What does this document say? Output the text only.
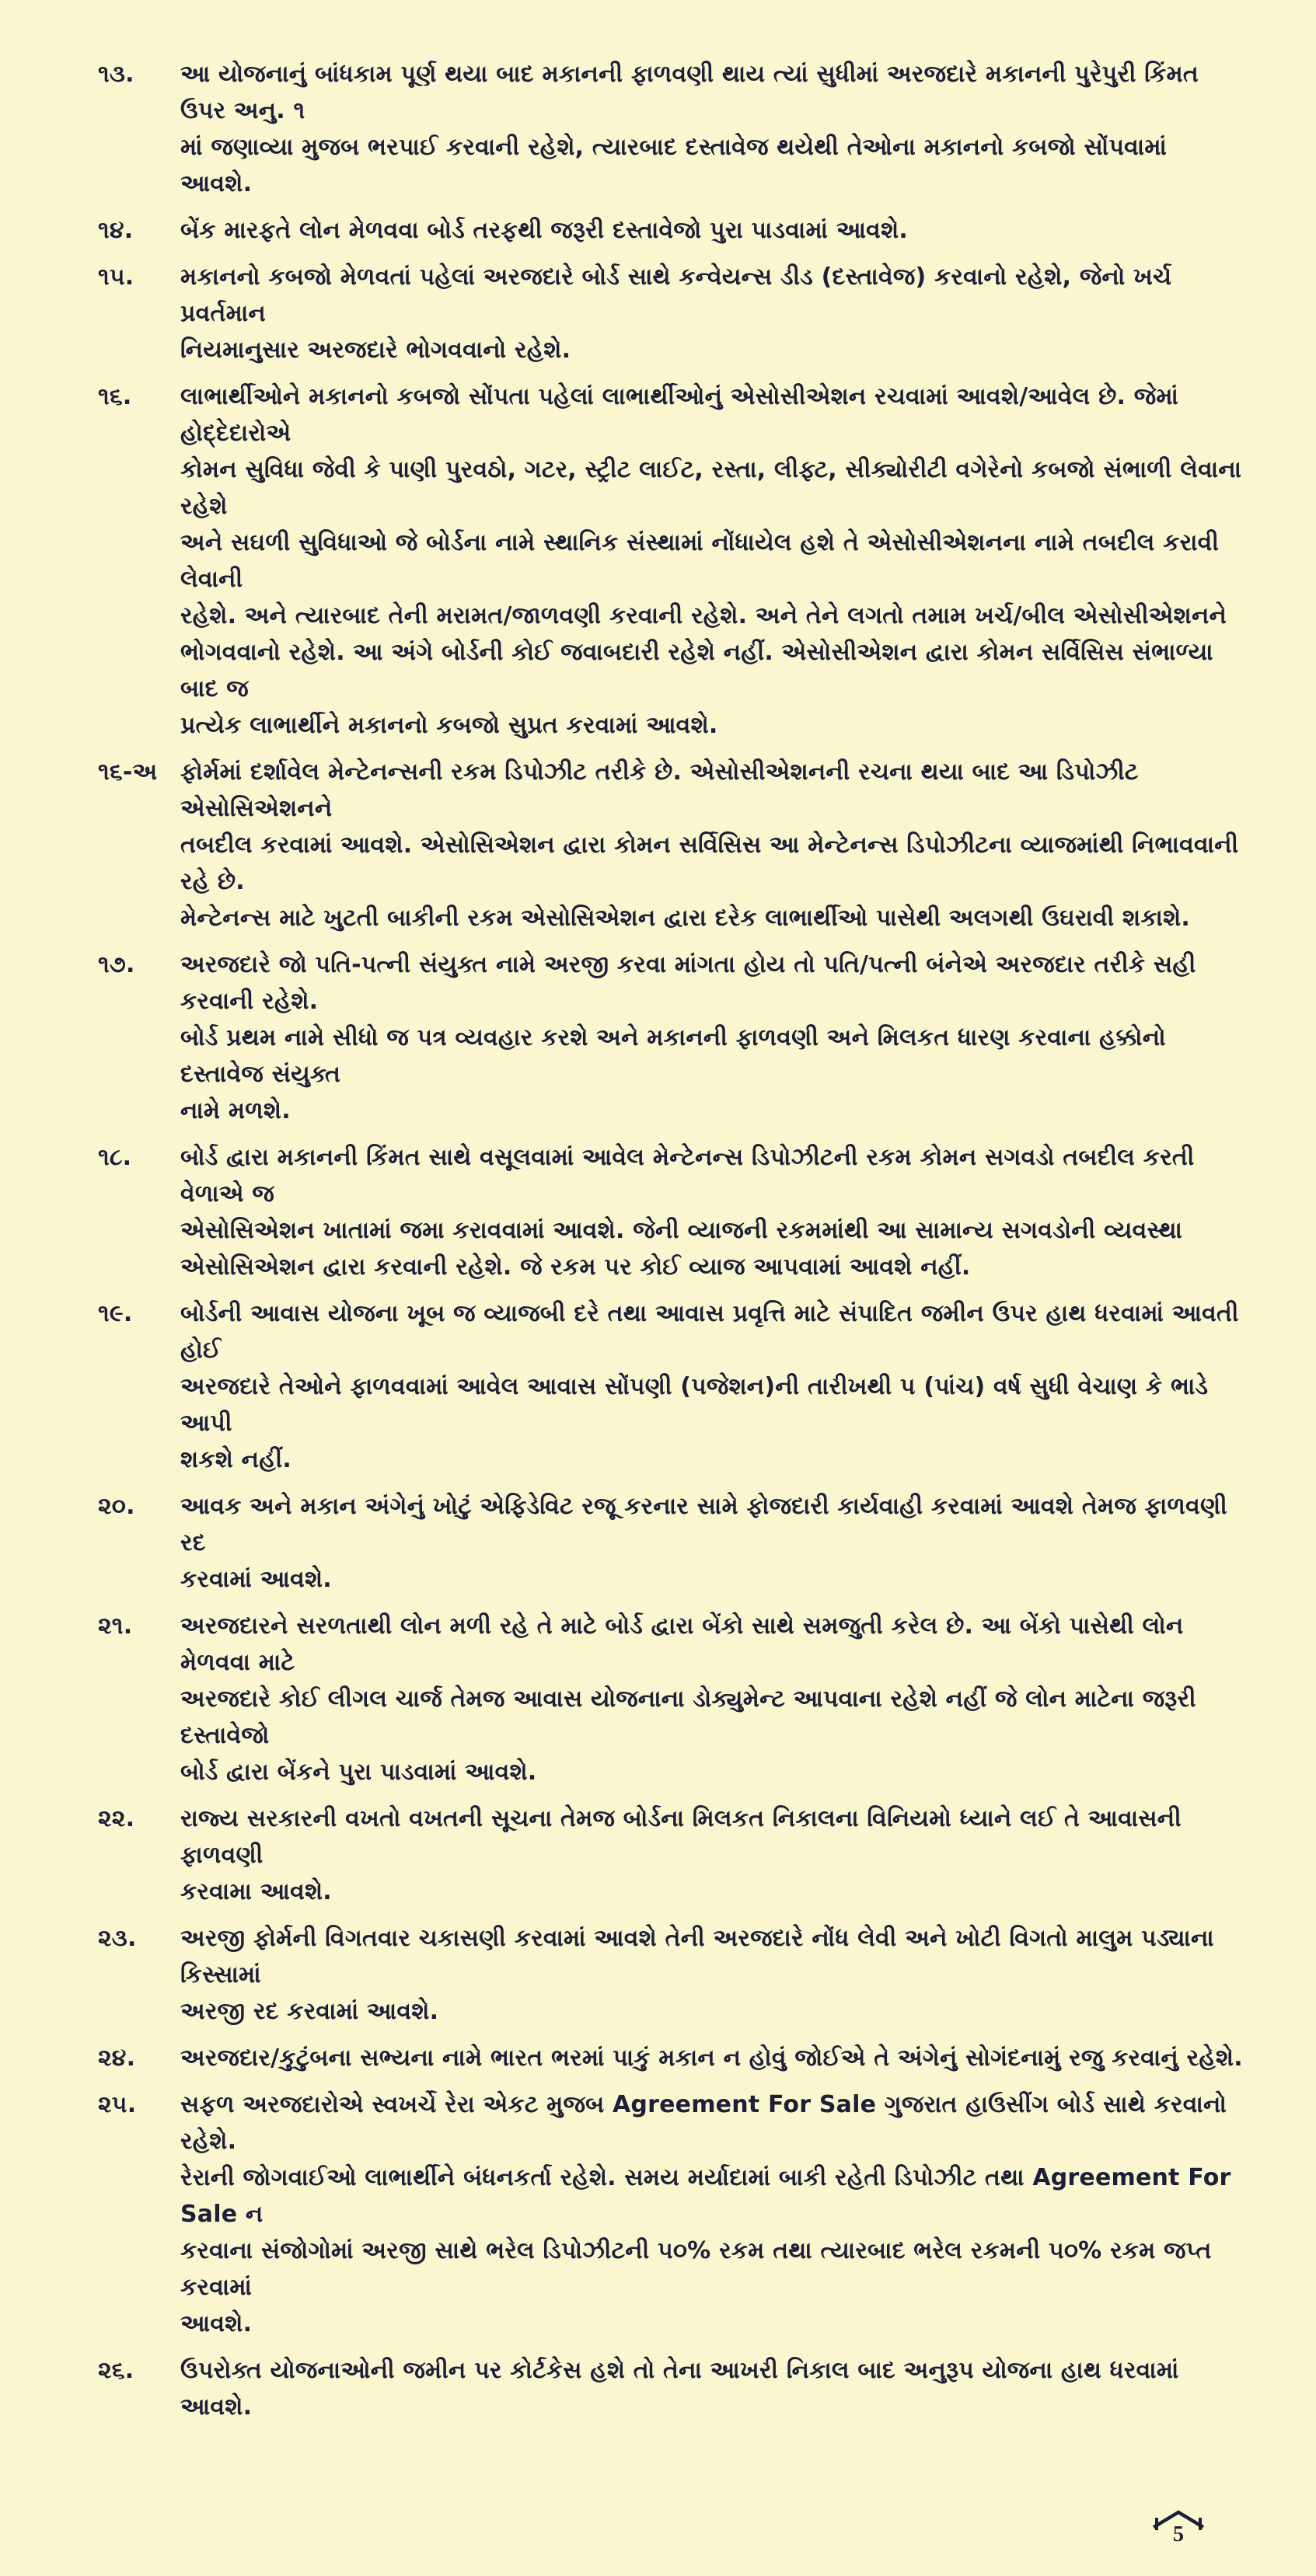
૧૩.	આ યોજનાનું બાંધકામ પૂર્ણ થયા બાદ મકાનની ફાળવણી થાય ત્યાં સુધીમાં અરજદારે મકાનની પુરેપુરી કિંમત ઉપર અનુ. ૧
માં જણાવ્યા મુજબ ભરપાઈ કરવાની રહેશે, ત્યારબાદ દસ્તાવેજ થયેથી તેઓના મકાનનો કબજો સોંપવામાં આવશે.
૧૪.	બેંક મારફતે લોન મેળવવા બોર્ડ તરફથી જરૂરી દસ્તાવેજો પુરા પાડવામાં આવશે.
૧૫.	મકાનનો કબજો મેળવતાં પહેલાં અરજદારે બોર્ડ સાથે કન્વેયન્સ ડીડ (દસ્તાવેજ) કરવાનો રહેશે, જેનો ખર્ચ પ્રવર્તમાન
નિયમાનુસાર અરજદારે ભોગવવાનો રહેશે.
૧૬.	લાભાર્થીઓને મકાનનો કબજો સોંપતા પહેલાં લાભાર્થીઓનું એસોસીએશન રચવામાં આવશે/આવેલ છે. જેમાં હોદ્દેદારોએ
કોમન સુવિધા જેવી કે પાણી પુરવઠો, ગટર, સ્ટ્રીટ લાઈટ, રસ્તા, લીફ્ટ, સીક્યોરીટી વગેરેનો કબજો સંભાળી લેવાના રહેશે
અને સઘળી સુવિધાઓ જે બોર્ડના નામે સ્થાનિક સંસ્થામાં નોંધાયેલ હશે તે એસોસીએશનના નામે તબદીલ કરાવી લેવાની
રહેશે. અને ત્યારબાદ તેની મરામત/જાળવણી કરવાની રહેશે. અને તેને લગતો તમામ ખર્ચ/બીલ એસોસીએશનને
ભોગવવાનો રહેશે. આ અંગે બોર્ડની કોઈ જવાબદારી રહેશે નહીં. એસોસીએશન દ્વારા કોમન સર્વિસિસ સંભાળ્યા બાદ જ
પ્રત્યેક લાભાર્થીને મકાનનો કબજો સુપ્રત કરવામાં આવશે.
૧૬-અ ફોર્મમાં દર્શાવેલ મેન્ટેનન્સની રકમ ડિપોઝીટ તરીકે છે. એસોસીએશનની રચના થયા બાદ આ ડિપોઝીટ એસોસિએશનને
તબદીલ કરવામાં આવશે. એસોસિએશન દ્વારા કોમન સર્વિસિસ આ મેન્ટેનન્સ ડિપોઝીટના વ્યાજમાંથી નિભાવવાની રહે છે.
મેન્ટેનન્સ માટે ખુટતી બાકીની રકમ એસોસિએશન દ્વારા દરેક લાભાર્થીઓ પાસેથી અલગથી ઉઘરાવી શકાશે.
૧૭.	અરજદારે જો પતિ-પત્ની સંયુક્ત નામે અરજી કરવા માંગતા હોય તો પતિ/પત્ની બંનેએ અરજદાર તરીકે સહી કરવાની રહેશે.
બોર્ડ પ્રથમ નામે સીધો જ પત્ર વ્યવહાર કરશે અને મકાનની ફાળવણી અને મિલકત ધારણ કરવાના હક્કોનો દસ્તાવેજ સંયુક્ત
નામે મળશે.
૧૮.	બોર્ડ દ્વારા મકાનની કિંમત સાથે વસૂલવામાં આવેલ મેન્ટેનન્સ ડિપોઝીટની રકમ કોમન સગવડો તબદીલ કરતી વેળાએ જ
એસોસિએશન ખાતામાં જમા કરાવવામાં આવશે. જેની વ્યાજની રકમમાંથી આ સામાન્ય સગવડોની વ્યવસ્થા
એસોસિએશન દ્વારા કરવાની રહેશે. જે રકમ પર કોઈ વ્યાજ આપવામાં આવશે નહીં.
૧૯.	બોર્ડની આવાસ યોજના ખૂબ જ વ્યાજબી દરે તથા આવાસ પ્રવૃત્તિ માટે સંપાદિત જમીન ઉપર હાથ ધરવામાં આવતી હોઈ
અરજદારે તેઓને ફાળવવામાં આવેલ આવાસ સોંપણી (પજેશન)ની તારીખથી પ (પાંચ) વર્ષ સુધી વેચાણ કે ભાડે આપી
શકશે નહીં.
૨૦.	આવક અને મકાન અંગેનું ખોટું એફિડેવિટ રજૂ કરનાર સામે ફોજદારી કાર્યવાહી કરવામાં આવશે તેમજ ફાળવણી રદ
કરવામાં આવશે.
૨૧.	અરજદારને સરળતાથી લોન મળી રહે તે માટે બોર્ડ દ્વારા બેંકો સાથે સમજુતી કરેલ છે. આ બેંકો પાસેથી લોન મેળવવા માટે
અરજદારે કોઈ લીગલ ચાર્જ તેમજ આવાસ યોજનાના ડોક્યુમેન્ટ આપવાના રહેશે નહીં જે લોન માટેના જરૂરી દસ્તાવેજો
બોર્ડ દ્વારા બેંકને પુરા પાડવામાં આવશે.
૨૨.	રાજ્ય સરકારની વખતો વખતની સૂચના તેમજ બોર્ડના મિલકત નિકાલના વિનિયમો ધ્યાને લઈ તે આવાસની ફાળવણી
કરવામા આવશે.
૨૩.	અરજી ફોર્મની વિગતવાર ચકાસણી કરવામાં આવશે તેની અરજદારે નોંધ લેવી અને ખોટી વિગતો માલુમ પડ્યાના કિસ્સામાં
અરજી રદ કરવામાં આવશે.
૨૪.	અરજદાર/કુટુંબના સભ્યના નામે ભારત ભરમાં પાકું મકાન ન હોવું જોઈએ તે અંગેનું સોગંદનામું રજુ કરવાનું રહેશે.
૨૫.	સફળ અરજદારોએ સ્વખર્ચે રેરા એકટ મુજબ Agreement For Sale ગુજરાત હાઉસીંગ બોર્ડ સાથે કરવાનો રહેશે.
રેરાની જોગવાઈઓ લાભાર્થીને બંધનકર્તા રહેશે. સમય મર્યાદામાં બાકી રહેતી ડિપોઝીટ તથા Agreement For Sale ન
કરવાના સંજોગોમાં અરજી સાથે ભરેલ ડિપોઝીટની ૫૦% રકમ તથા ત્યારબાદ ભરેલ રકમની ૫૦% રકમ જપ્ત કરવામાં
આવશે.
૨૬.	ઉપરોક્ત યોજનાઓની જમીન પર કોર્ટકેસ હશે તો તેના આખરી નિકાલ બાદ અનુરૂપ યોજના હાથ ધરવામાં આવશે.
5
